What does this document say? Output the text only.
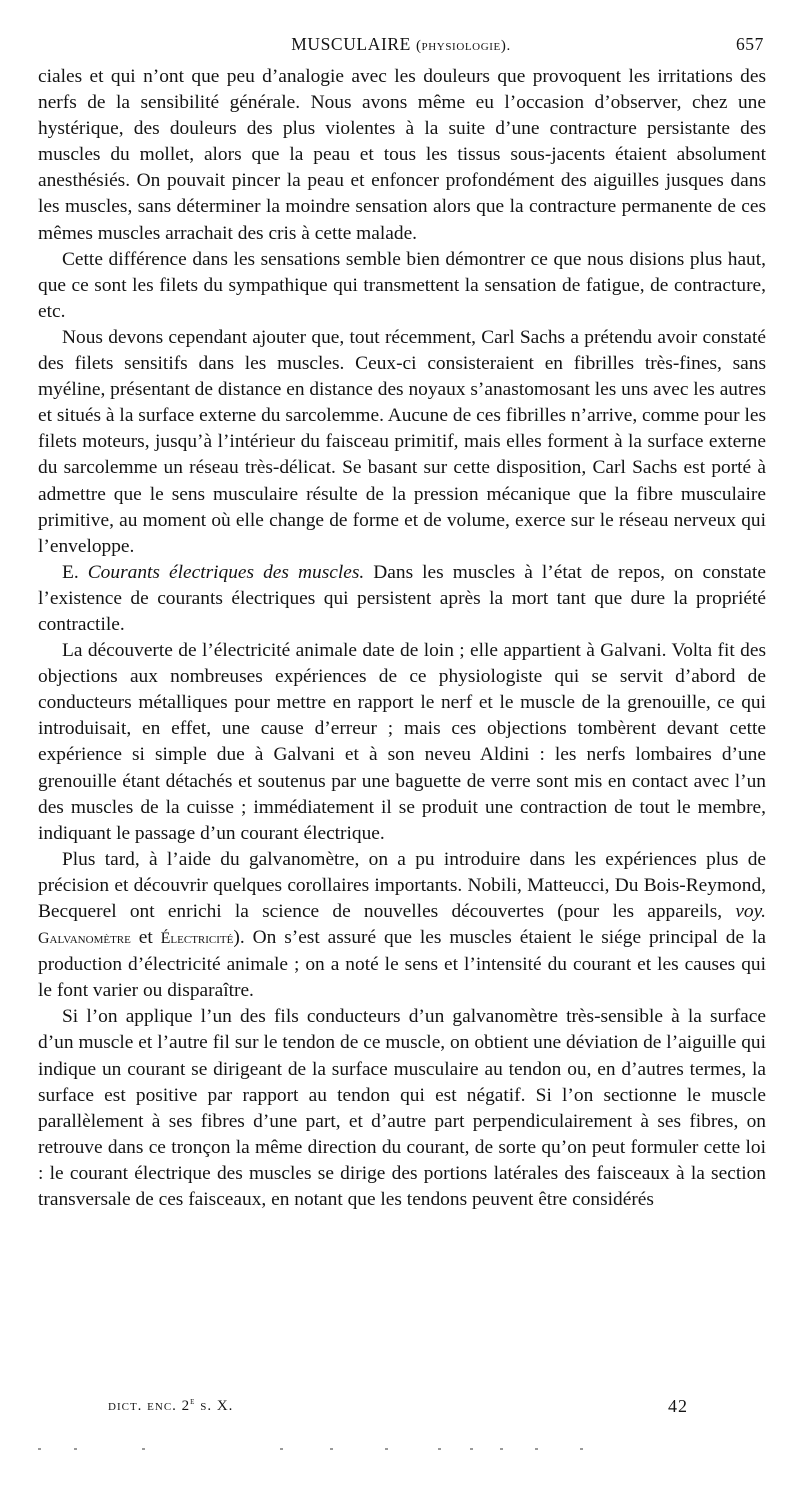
MUSCULAIRE (physiologie).	657

ciales et qui n’ont que peu d’analogie avec les douleurs que provoquent les irritations des nerfs de la sensibilité générale. Nous avons même eu l’occasion d’observer, chez une hystérique, des douleurs des plus violentes à la suite d’une contracture persistante des muscles du mollet, alors que la peau et tous les tissus sous-jacents étaient absolument anesthésiés. On pouvait pincer la peau et enfoncer profondément des aiguilles jusques dans les muscles, sans déterminer la moindre sensation alors que la contracture permanente de ces mêmes muscles arrachait des cris à cette malade.

Cette différence dans les sensations semble bien démontrer ce que nous disions plus haut, que ce sont les filets du sympathique qui transmettent la sensation de fatigue, de contracture, etc.

Nous devons cependant ajouter que, tout récemment, Carl Sachs a prétendu avoir constaté des filets sensitifs dans les muscles. Ceux-ci consisteraient en fibrilles très-fines, sans myéline, présentant de distance en distance des noyaux s’anastomosant les uns avec les autres et situés à la surface externe du sarcolemme. Aucune de ces fibrilles n’arrive, comme pour les filets moteurs, jusqu’à l’intérieur du faisceau primitif, mais elles forment à la surface externe du sarcolemme un réseau très-délicat. Se basant sur cette disposition, Carl Sachs est porté à admettre que le sens musculaire résulte de la pression mécanique que la fibre musculaire primitive, au moment où elle change de forme et de volume, exerce sur le réseau nerveux qui l’enveloppe.

E. Courants électriques des muscles. Dans les muscles à l’état de repos, on constate l’existence de courants électriques qui persistent après la mort tant que dure la propriété contractile.

La découverte de l’électricité animale date de loin ; elle appartient à Galvani. Volta fit des objections aux nombreuses expériences de ce physiologiste qui se servit d’abord de conducteurs métalliques pour mettre en rapport le nerf et le muscle de la grenouille, ce qui introduisait, en effet, une cause d’erreur ; mais ces objections tombèrent devant cette expérience si simple due à Galvani et à son neveu Aldini : les nerfs lombaires d’une grenouille étant détachés et soutenus par une baguette de verre sont mis en contact avec l’un des muscles de la cuisse ; immédiatement il se produit une contraction de tout le membre, indiquant le passage d’un courant électrique.

Plus tard, à l’aide du galvanomètre, on a pu introduire dans les expériences plus de précision et découvrir quelques corollaires importants. Nobili, Matteucci, Du Bois-Reymond, Becquerel ont enrichi la science de nouvelles découvertes (pour les appareils, voy. Galvanomètre et Électricité). On s’est assuré que les muscles étaient le siége principal de la production d’électricité animale ; on a noté le sens et l’intensité du courant et les causes qui le font varier ou disparaître.

Si l’on applique l’un des fils conducteurs d’un galvanomètre très-sensible à la surface d’un muscle et l’autre fil sur le tendon de ce muscle, on obtient une déviation de l’aiguille qui indique un courant se dirigeant de la surface musculaire au tendon ou, en d’autres termes, la surface est positive par rapport au tendon qui est négatif. Si l’on sectionne le muscle parallèlement à ses fibres d’une part, et d’autre part perpendiculairement à ses fibres, on retrouve dans ce tronçon la même direction du courant, de sorte qu’on peut formuler cette loi : le courant électrique des muscles se dirige des portions latérales des faisceaux à la section transversale de ces faisceaux, en notant que les tendons peuvent être considérés

dict. enc. 2e s. X.	42
